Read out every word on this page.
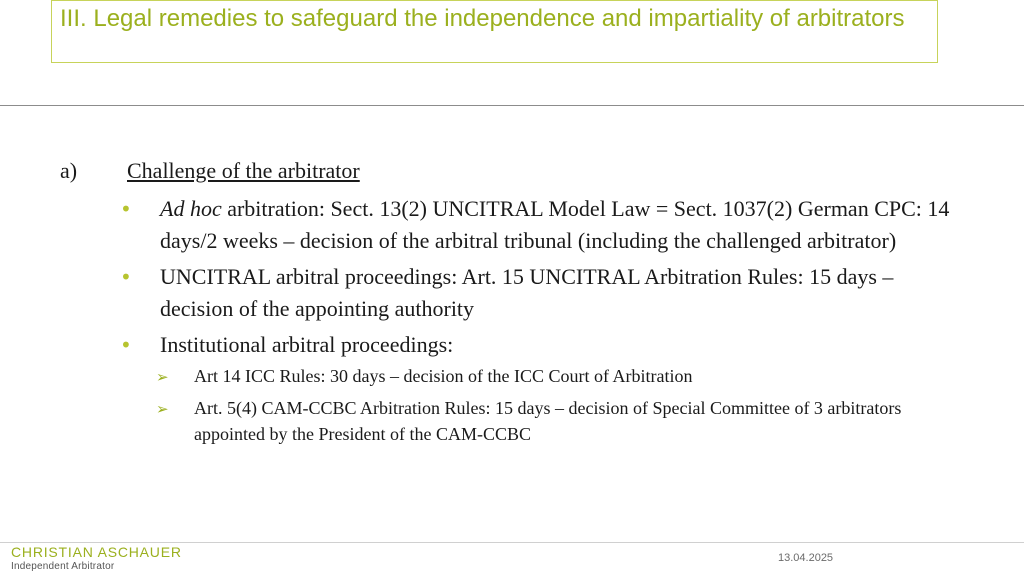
III. Legal remedies to safeguard the independence and impartiality of arbitrators
a) Challenge of the arbitrator
• Ad hoc arbitration: Sect. 13(2) UNCITRAL Model Law = Sect. 1037(2) German CPC: 14 days/2 weeks – decision of the arbitral tribunal (including the challenged arbitrator)
• UNCITRAL arbitral proceedings: Art. 15 UNCITRAL Arbitration Rules: 15 days – decision of the appointing authority
• Institutional arbitral proceedings:
➢ Art 14 ICC Rules: 30 days – decision of the ICC Court of Arbitration
➢ Art. 5(4) CAM-CCBC Arbitration Rules: 15 days – decision of Special Committee of 3 arbitrators appointed by the President of the CAM-CCBC
CHRISTIAN ASCHAUER
Independent Arbitrator
13.04.2025
